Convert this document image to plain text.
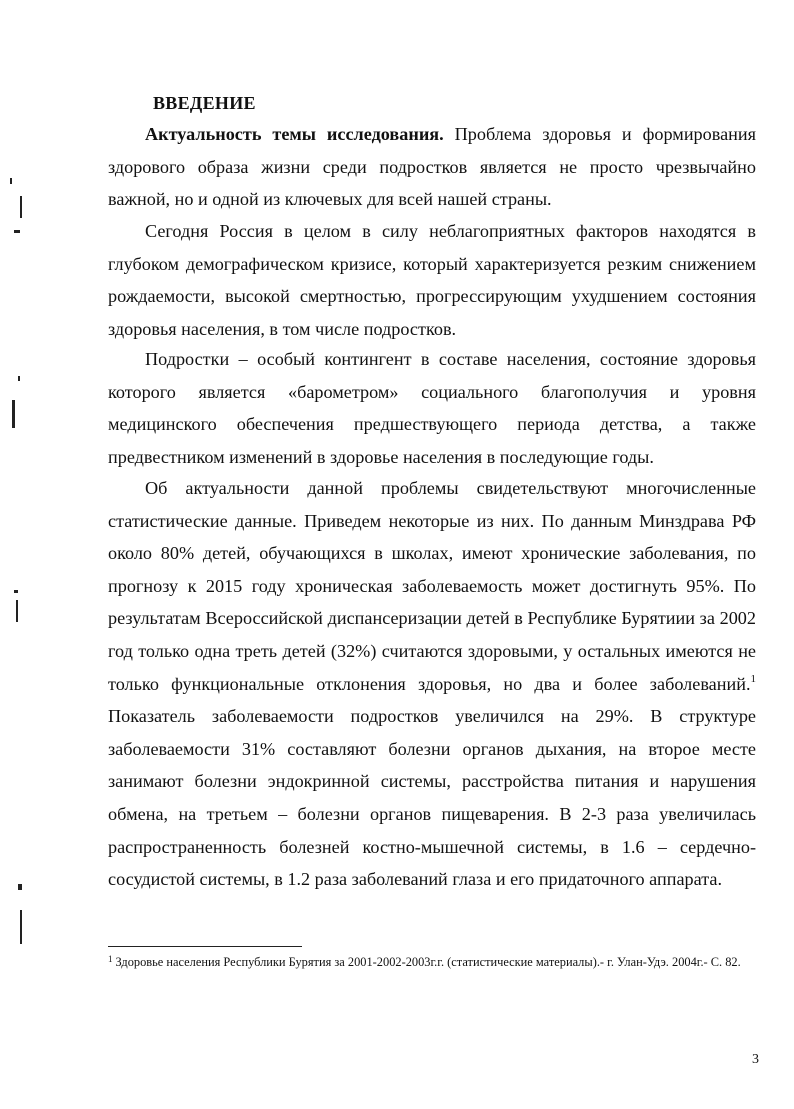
ВВЕДЕНИЕ

Актуальность темы исследования. Проблема здоровья и формирования здорового образа жизни среди подростков является не просто чрезвычайно важной, но и одной из ключевых для всей нашей страны.

Сегодня Россия в целом в силу неблагоприятных факторов находятся в глубоком демографическом кризисе, который характеризуется резким снижением рождаемости, высокой смертностью, прогрессирующим ухудшением состояния здоровья населения, в том числе подростков.

Подростки – особый контингент в составе населения, состояние здоровья которого является «барометром» социального благополучия и уровня медицинского обеспечения предшествующего периода детства, а также предвестником изменений в здоровье населения в последующие годы.

Об актуальности данной проблемы свидетельствуют многочисленные статистические данные. Приведем некоторые из них. По данным Минздрава РФ около 80% детей, обучающихся в школах, имеют хронические заболевания, по прогнозу к 2015 году хроническая заболеваемость может достигнуть 95%. По результатам Всероссийской диспансеризации детей в Республике Бурятиии за 2002 год только одна треть детей (32%) считаются здоровыми, у остальных имеются не только функциональные отклонения здоровья, но два и более заболеваний.$^1$ Показатель заболеваемости подростков увеличился на 29%. В структуре заболеваемости 31% составляют болезни органов дыхания, на второе месте занимают болезни эндокринной системы, расстройства питания и нарушения обмена, на третьем – болезни органов пищеварения. В 2-3 раза увеличилась распространенность болезней костно-мышечной системы, в 1.6 – сердечно-сосудистой системы, в 1.2 раза заболеваний глаза и его придаточного аппарата.

$^1$ Здоровье населения Республики Бурятия за 2001-2002-2003г.г. (статистические материалы).- г. Улан-Удэ. 2004г.- С. 82.
3
